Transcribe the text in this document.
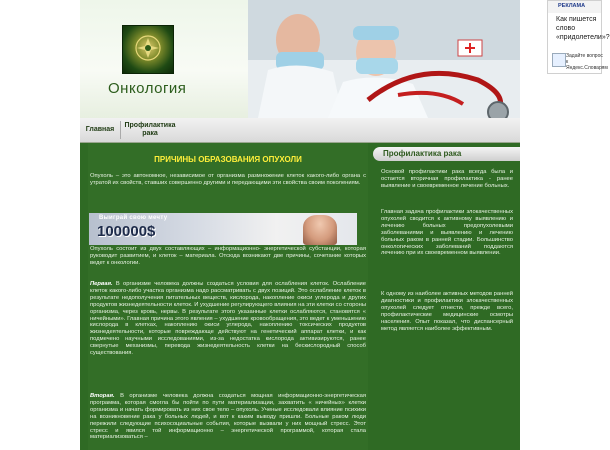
Онкология
Главная
Профилактика рака
ПРИЧИНЫ ОБРАЗОВАНИЯ ОПУХОЛИ

Опухоль – это автономное, независимое от организма размножение клеток какого-либо органа с утратой их свойств, ставших совершенно другими и передающими эти свойства своим поколениям.

Выиграй свою мечту
100000$

Опухоль состоит из двух составляющих – информационно- энергетической субстанции, которая руководит развитием, и клеток – материала. Отсюда возникают две причины, сочетание которых ведет к онкологии.

Первая. В организме человека должны создаться условия для ослабления клеток. Ослабление клеток какого-либо участка организма надо рассматривать с двух позиций. Это ослабление клеток в результате недополучения питательных веществ, кислорода, накопление окиси углерода и других продуктов жизнедеятельности клеток. И ухудшение регулирующего влияния на эти клетки со стороны организма, через кровь, нервы. В результате этого указанные клетки ослабляются, становятся « ничейными». Главная причина этого явления – ухудшение кровообращения, это ведет к уменьшению кислорода в клетках, накоплению окиси углерода, накоплению токсических продуктов жизнедеятельности, которые повреждающе действуют на генетический аппарат клетки, и как подмечено научными исследованиями, из-за недостатка кислорода активизируются, ранее свернутые механизмы, перевода жизнедеятельность клетки на бескислородный способ существования.

Вторая. В организме человека должна создаться мощная информационно-энергетическая программа, которая смогла бы пойти по пути материализации, захватить « ничейных» клетки организма и начать формировать из них свое тело – опухоль. Ученые исследовали влияние психики на возникновение рака у больных людей, и вот к каким выводу пришли. Больные раком люди пережили следующие психосоциальные события, которые вызвали у них мощный стресс. Этот стресс и явился той информационно – энергетической программой, которая стала материализоваться –

Профилактика рака

Основой профилактики рака всегда была и остается вторичная профилактика - ранее выявление и своевременное лечение больных.

Главная задача профилактики злокачественных опухолей сводится к активному выявлению и лечению больных предопухолевыми заболеваниями и выявлению и лечению больных раком в ранней стадии. Большинство онкологических заболеваний поддаются лечению при их своевременном выявлении.

К одному из наиболее активных методов ранней диагностики и профилактики злокачественных опухолей следует отнести, прежде всего, профилактические медицинские осмотры населения. Опыт показал, что диспансерный метод является наиболее эффективным.

РЕКЛАМА
Как пишется слово «придолетели»?
Задайте вопрос к Яндекс.Словарям
